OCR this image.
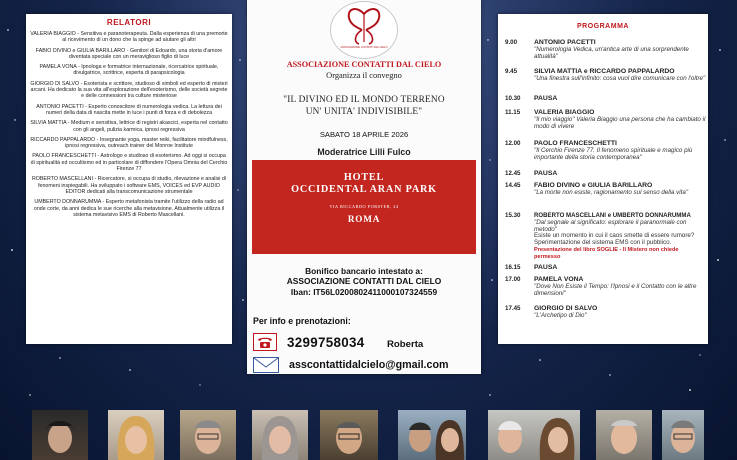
RELATORI
VALERIA BIAGGIO - Sensitiva e paranoterapeuta. Dalla esperienza di una premorte al ricevimento di un dono che la spinge ad aiutare gli altri
FABIO DIVINO e GIULIA BARILLARO - Genitori di Edoardo, una storia d'amore diventata speciale con un meraviglioso figlio di luce
PAMELA VONA - Ipnologa e formatrice internazionale, ricercatrice spirituale, divulgatrice, scrittrice, esperta di parapsicologia
GIORGIO DI SALVO - Esoterista e scrittore, studioso di simboli ed esperto di misteri arcani. Ha dedicato la sua vita all'esplorazione dell'esoterismo, delle società segrete e delle connessioni tra culture misteriose
ANTONIO PACETTI - Esperto conoscitore di numerologia vedica. La lettura dei numeri della data di nascita mette in luce i punti di forza e di debolezza
SILVIA MATTIA - Medium e sensitiva, lettrice di registri akascici, esperta nel contatto con gli angeli, pulizia karmica, ipnosi regressiva
RICCARDO PAPPALARDO - Insegnante yoga, master reiki, facilitatore mindfulness, ipnosi regressiva, outreach trainer del Monroe Institute
PAOLO FRANCESCHETTI - Astrologo e studioso di esoterismo. Ad oggi si occupa di spiritualità ed occultismo ed in particolare di diffondere l'Opera Omnia del Cerchio Firenze 77
ROBERTO MASCELLANI - Ricercatore, si occupa di studio, rilevazione e analisi di fenomeni inspiegabili. Ha sviluppato i software EMS, VOICES ed EVP AUDIO EDITOR dedicati alla transcomunicazione strumentale
UMBERTO DONNARUMMA - Esperto metafonista tramite l'utilizzo della radio ad onde corte, da anni dedica le sue ricerche alla metavisione. Attualmente utilizza il sistema metavisivo EMS di Roberto Mascellani.
ASSOCIAZIONE CONTATTI DAL CIELO
ASSOCIAZIONE CONTATTI DAL CIELO
Organizza il convegno
"IL DIVINO ED IL MONDO TERRENO
UN' UNITA' INDIVISIBILE"
SABATO 18 APRILE 2026
Moderatrice Lilli Fulco
HOTEL
OCCIDENTAL ARAN PARK
VIA RICCARDO FORSTER, 24
ROMA
Bonifico bancario intestato a:
ASSOCIAZIONE CONTATTI DAL CIELO
Iban: IT56L0200802411000107324559
Per info e prenotazioni:
3299758034 Roberta
asscontattidalcielo@gmail.com
PROGRAMMA
9.00 ANTONIO PACETTI
"Numerologia Vedica, un'antica arte di una sorprendente attualità"
9.45 SILVIA MATTIA e RICCARDO PAPPALARDO
"Una finestra sull'infinito: cosa vuol dire comunicare con l'oltre"
10.30 PAUSA
11.15 VALERIA BIAGGIO
"Il mio viaggio" Valeria Biaggio una persona che ha cambiato il modo di vivere
12.00 PAOLO FRANCESCHETTI
"Il Cerchio Firenze 77. Il fenomeno spirituale e magico più importante della storia contemporanea"
12.45 PAUSA
14.45 FABIO DIVINO e GIULIA BARILLARO
"La morte non esiste, ragionamento sul senso della vita"
15.30 ROBERTO MASCELLANI e UMBERTO DONNARUMMA
"Dal segnale al significato: esplorare il paranormale con metodo"
Esiste un momento in cui il caos smette di essere rumore?
Sperimentazione del sistema EMS con il pubblico.
Presentazione del libro SOGLIE - Il Mistero non chiede permesso
16.15 PAUSA
17.00 PAMELA VONA
"Dove Non Esiste il Tempo: l'Ipnosi e il Contatto con le altre dimensioni"
17.45 GIORGIO DI SALVO
"L'Archetipo di Dio"
